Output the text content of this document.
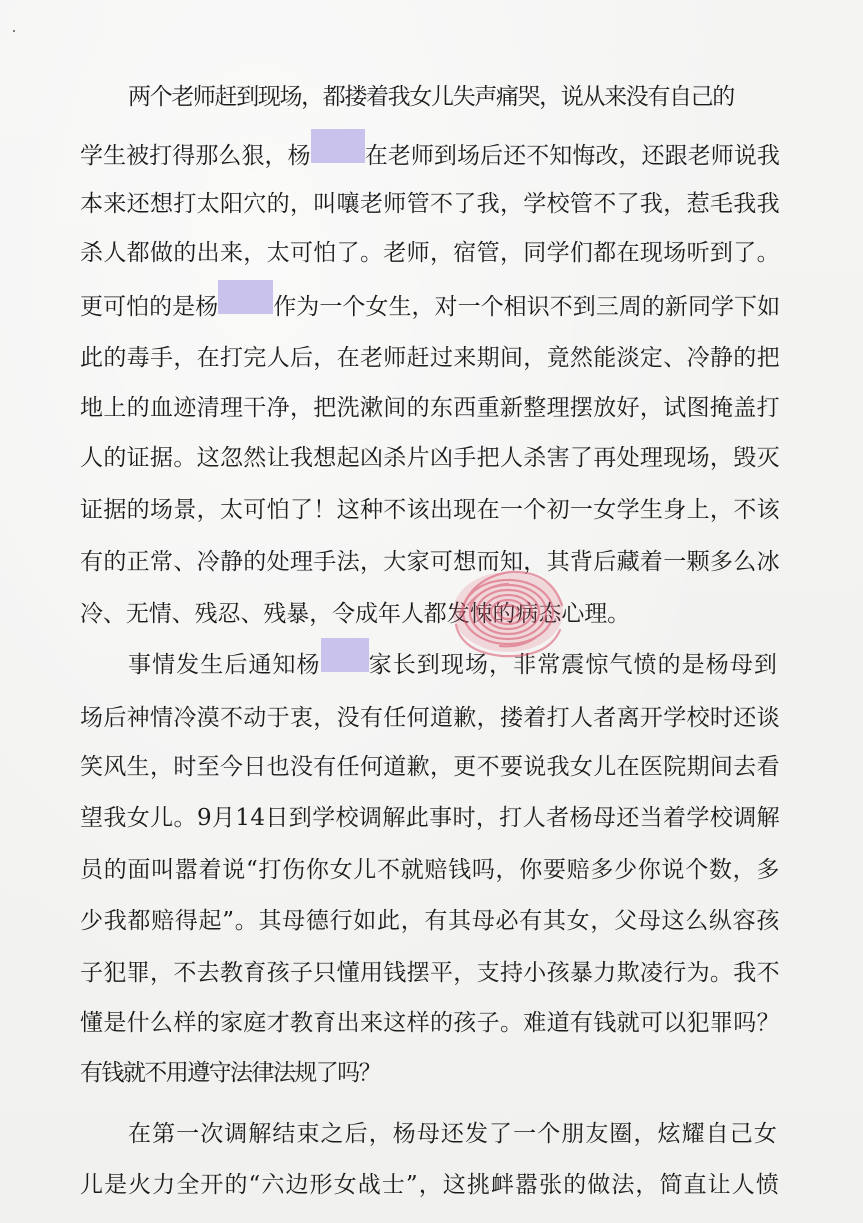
两个老师赶到现场，都搂着我女儿失声痛哭，说从来没有自己的
学生被打得那么狠，杨 在老师到场后还不知悔改，还跟老师说我
本来还想打太阳穴的，叫嚷老师管不了我，学校管不了我，惹毛我我
杀人都做的出来，太可怕了。老师，宿管，同学们都在现场听到了。
更可怕的是杨 作为一个女生，对一个相识不到三周的新同学下如
此的毒手，在打完人后，在老师赶过来期间，竟然能淡定、冷静的把
地上的血迹清理干净，把洗漱间的东西重新整理摆放好，试图掩盖打
人的证据。这忽然让我想起凶杀片凶手把人杀害了再处理现场，毁灭
证据的场景，太可怕了！这种不该出现在一个初一女学生身上，不该
有的正常、冷静的处理手法，大家可想而知，其背后藏着一颗多么冰
冷、无情、残忍、残暴，令成年人都发悚的病态心理。
事情发生后通知杨 家长到现场，非常震惊气愤的是杨母到
场后神情冷漠不动于衷，没有任何道歉，搂着打人者离开学校时还谈
笑风生，时至今日也没有任何道歉，更不要说我女儿在医院期间去看
望我女儿。9月14日到学校调解此事时，打人者杨母还当着学校调解
员的面叫嚣着说“打伤你女儿不就赔钱吗，你要赔多少你说个数，多
少我都赔得起”。其母德行如此，有其母必有其女，父母这么纵容孩
子犯罪，不去教育孩子只懂用钱摆平，支持小孩暴力欺凌行为。我不
懂是什么样的家庭才教育出来这样的孩子。难道有钱就可以犯罪吗？
有钱就不用遵守法律法规了吗？
在第一次调解结束之后，杨母还发了一个朋友圈，炫耀自己女
儿是火力全开的“六边形女战士”，这挑衅嚣张的做法，简直让人愤
